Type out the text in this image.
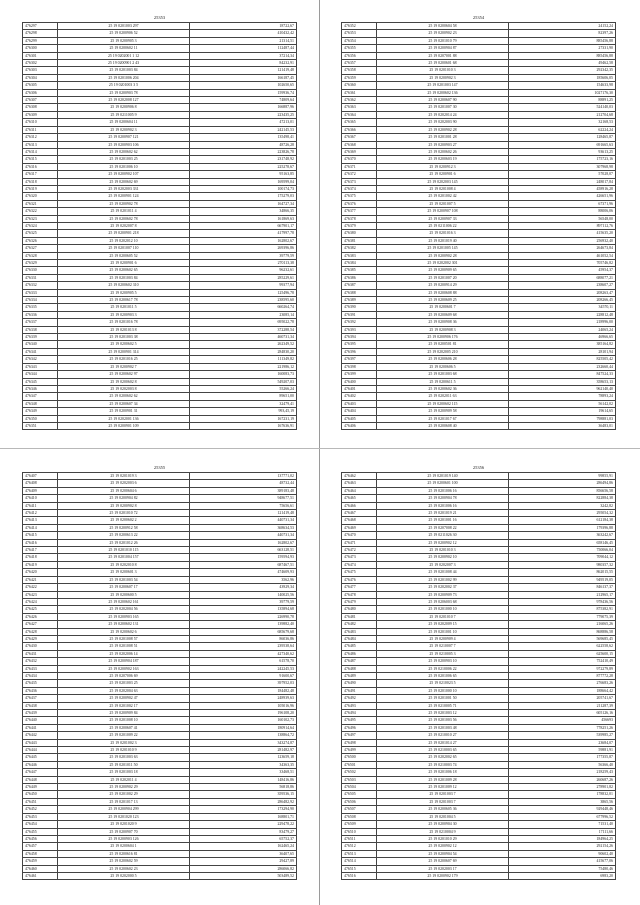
25353
476297	25 19 0201003 297	18722,67
476298	25 19 0200906 52	410432,42
476299	25 19 0200905 3	21314,51
476300	25 19 0200602 11	112487,44
476301	25 19 0202001 1 12	37214,34
476302	25 19 0200901 2 43	84232,91
476303	25 19 0201003 84	121419,48
476304	25 19 0201006 204	166187,45
476305	25 19 0201003 3 5	102650,65
476306	25 19 0200903 78	159936,74
476307	25 19 0202008 127	74809,64
476308	25 19 0200906 8	166887,96
476309	25 19 0211005 9	223435,25
476310	25 19 0200604 11	47213,01
476311	25 19 0200902 3	242145,53
476312	25 19 0200907 121	135498,41
476313	25 19 0200903 106	48726,28
476314	25 19 0200602 62	223826,78
476315	25 19 0201003 25	231748,92
476316	25 19 0201006 10	225278,67
476317	25 19 0200902 107	95163,85
476318	25 19 0200602 69	169599,04
476319	25 19 0202003 331	100174,73
476320	25 19 0200901 124	175279,03
476321	25 19 0200902 78	164727,34
476322	25 19 0201011 4	34866,35
476323	25 19 0200602 78	161869,63
476324	25 19 0202007 8	667901,17
476325	25 19 0200901 218	417997,78
476326	25 19 0202012 10	162802,67
476327	25 19 0201007 110	269396,86
476328	25 19 0200605 52	39779,59
476329	25 19 0200901 6	270113,38
476330	25 19 0200602 65	96232,61
476331	25 19 0201003 84	285229,61
476332	25 19 0200602 310	99377,94
476333	25 19 0200905 5	125496,78
476334	25 19 0200617 78	238595,60
476335	25 19 0201011 5	660264,74
476336	25 19 0200903 3	23085,14
476337	25 19 0201016 78	695022,78
476338	25 19 0201013 8	372288,54
476339	25 19 0201003 38	460731,34
476340	25 19 0200602 5	262349,52
476341	25 19 0200901 314	284830,20
476342	25 19 0201016 25	111349,82
476343	25 19 0200902 7	221986,12
476344	25 19 0200602 97	160083,73
476345	25 19 0200602 8	549207,03
476346	25 19 0202003 8	55266,24
476347	25 19 0200602 62	89651,00
476348	25 19 0200607 34	32479,41
476349	25 19 0200901 31	993,45,19
476350	25 19 0202001 136	167231,19
476351	25 19 0200901 109	167636,91
25354
476352	25 19 0200604 58	24152,24
476353	25 19 0200902 23	82397,26
476354	25 19 0201010 79	885456,88
476355	25 19 0200904 87	27331,90
476356	25 19 0207001 88	885456,88
476357	25 19 0200601 68	49462,58
476358	25 19 0201010 3	292342,35
476359	25 19 0200902 3	185606,05
476360	25 19 0201003 147	154633,98
476361	25 19 0200602 136	1027176,30
476362	25 19 0200607 90	88891,25
476363	25 19 0201007 30	524140,03
476364	25 19 0202014 24	212704,68
476365	25 19 0202003 90	32168,53
476366	25 19 0200902 28	62224,24
476367	25 19 0201001 28	128465,87
476368	25 19 0200903 27	691665,63
476369	25 19 0200602 26	93613,25
476370	25 19 0200603 19	175723,16
476371	25 19 0200912 3	307968,98
476372	25 19 0200901 6	57028,07
476373	25 19 0202003 145	248017,84
476374	25 19 0201008 4	458916,28
476375	25 19 0201002 42	426651,96
476376	25 19 0201007 5	67371,96
476377	25 19 0200907 108	88006,06
476378	25 19 0200907 33	56548,00
476379	25 19 0211006 22	897112,76
476380	25 19 0201016 3	415635,20
476381	25 19 0201019 40	256932,40
476382	25 19 0201005 145	264673,84
476383	25 19 0200902 28	461052,54
476384	25 19 0202002 301	705746,82
476385	25 19 0200909 65	45954,37
476386	25 19 0201007 20	688077,21
476387	25 19 0200914 29	238607,27
476388	25 19 0200608 88	208263,47
476389	25 19 0200609 25	208266,45
476390	25 19 0200601 7	34570,11
476391	25 19 0200609 68	228812,48
476392	25 19 0200908 36	218996,00
476393	25 19 0200908 3	24065,24
476394	25 19 0200906 176	46966,65
476395	25 19 0200501 81	385164,82
476396	25 19 0202005 210	28101,94
476397	25 19 0200606 28	825505,42
476398	25 19 0200606 5	232660,44
476399	25 19 0201003 68	847524,33
476400	25 19 0200611 5	358653,13
476401	25 19 0200602 36	962140,40
476402	25 19 0202011 63	78893,24
476403	25 19 0200602 115	56142,02
476404	25 19 0200909 58	19614,65
476405	25 19 0201017 67	798881,03
476406	25 19 0200608 40	36483,01
25355
476407	25 19 0201019 3	137771,02
476408	25 19 0202003 6	48732,44
476409	25 19 0200604 6	389183,48
476410	25 19 0200904 82	948677,51
476411	25 19 0200902 8	75656,61
476412	25 19 0201010 72	121419,48
476413	25 19 0200602 2	440731,34
476414	25 19 0200912 58	368634,53
476415	25 19 0200613 22	440731,34
476416	25 19 0201012 26	162802,67
476417	25 19 0201010 115	663128,51
476418	25 19 0201004 157	159594,93
476419	25 19 0202010 8	687467,51
476420	25 19 0200601 3	474609,93
476421	25 19 0201003 54	3562,96
476422	25 19 0200607 17	43929,34
476423	25 19 0200600 5	140025,56
476424	25 19 0200602 161	39779,59
476425	25 19 0202004 56	135894,68
476426	25 19 0200903 165	226990,78
476427	25 19 0200602 131	139882,40
476428	25 19 0200602 6	685679,68
476429	25 19 0201008 57	86036,86
476430	25 19 0201008 51	239538,64
476431	25 19 0202006 14	427340,62
476432	25 19 0200904 187	61578,70
476433	25 19 0200902 163	242245,53
476434	25 19 0207006 69	91600,67
476435	25 19 0201003 25	397952,03
476436	25 19 0202004 63	184482,48
476437	25 19 0200902 47	248939,63
476438	25 19 0201002 17	105016,96
476439	25 19 0200909 84	196108,20
476440	25 19 0201008 10	160102,73
476441	25 19 0200607 41	180914,64
476442	25 19 0201009 22	138864,72
476443	25 19 0201002 3	343274,87
476444	25 19 0201010 9	281482,97
476445	25 19 0201003 63	123659,18
476446	25 19 0201011 50	34363,35
476447	25 19 0201003 18	33468,51
476448	25 19 0202011 4	148416,86
476449	25 19 0200902 29	56818,86
476450	25 19 0201002 29	359536,15
476451	25 19 0201017 13	286482,92
476452	25 19 0200904 299	173294,90
476453	25 19 0201020 123	168801,71
476454	25 19 0201020 9	229478,22
476455	25 19 0200907 70	83479,27
476456	25 19 0200903 126	65752,37
476457	25 19 0200604 1	162465,24
476458	25 19 0200616 81	36407,65
476459	25 19 0200602 59	29427,89
476460	25 19 0200602 23	286066,82
476461	25 19 0202000 5	503489,52
25356
476462	25 19 0201019 140	99855,91
476463	25 19 0200601 100	286494,86
476464	25 19 0201006 16	856656,58
476465	25 19 0200904 78	822884,38
476466	25 19 0201006 16	3242,82
476467	25 19 0201019 21	295054,32
476468	25 19 0201001 16	612184,38
476469	25 19 0207008 22	179396,88
476470	25 19 0211026 30	363242,67
476471	25 19 0200902 12	658146,45
476472	25 19 0201010 3	750066,04
476473	25 19 0200902 10	709044,12
476474	25 19 0202007 3	980357,32
476475	25 19 0201008 44	862015,55
476476	25 19 0201002 99	949519,05
476477	25 19 0202002 37	846137,37
476478	25 19 0200909 73	212965,17
476479	25 19 0206003 68	978436,56
476480	25 19 0201000 10	875382,91
476481	25 19 0201010 7	779075,39
476482	25 19 0202009 15	216065,26
476483	25 19 0201001 10	868886,58
476484	25 19 0200909 4	569685,45
476485	25 19 0210007 7	622558,62
476486	25 19 0210005 3	625600,15
476487	25 19 0200903 10	752410,49
476488	25 19 0210006 22	972279,89
476489	25 19 0201006 65	877772,28
476490	25 19 0210023 5	276683,26
476491	25 19 0201000 10	188664,42
476492	25 19 0201001 50	205741,67
476493	25 19 0210005 71	211287,39
476494	25 19 0201003 12	605126,16
476495	25 19 0201003 56	456693
476496	25 19 0201003 48	778251,26
476497	25 19 0210010 27	539985,27
476498	25 19 0201014 27	23684,07
476499	25 19 0210003 65	59881,91
476500	25 19 0202002 65	177355,87
476501	25 19 0210003 74	56366,40
476502	25 19 0201006 18	218259,43
476503	25 19 0201009 28	260687,26
476504	25 19 0201009 12	278901,82
476505	25 19 0201003 7	178832,01
476506	25 19 0201003 7	3865,56
476507	25 19 0200605 36	929448,46
476508	25 19 0201004 5	677996,52
476509	25 19 0200904 30	71531,40
476510	25 19 0210004 9	17111,66
476511	25 19 0201010 29	184964,25
476512	25 19 0200902 12	292154,26
476513	25 19 0200904 54	90602,40
476514	25 19 0200607 69	415677,06
476515	25 19 0202003 17	75480,46
476516	25 19 0200902 179	6983,20
